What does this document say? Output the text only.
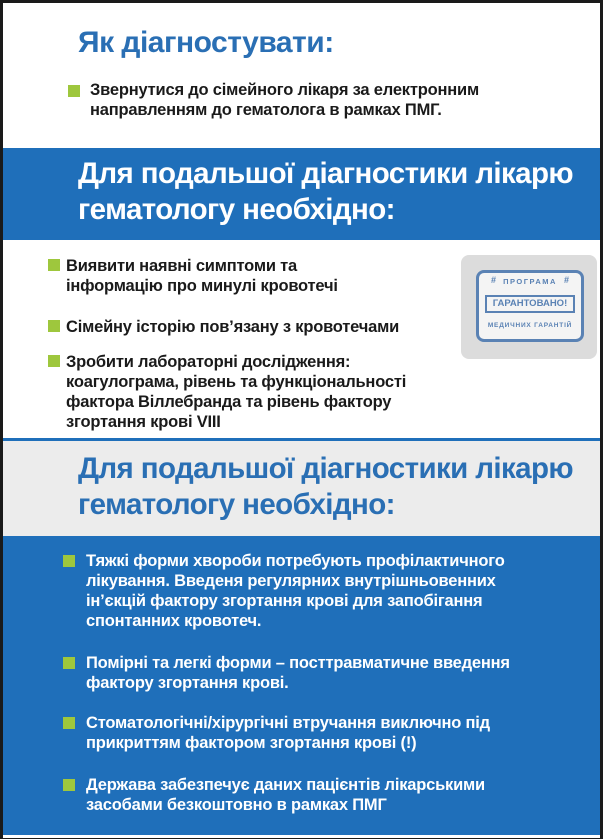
Як діагностувати:
Звернутися до сімейного лікаря за електронним направленням до гематолога в рамках ПМГ.
Для подальшої діагностики лікарю гематологу необхідно:
Виявити наявні симптоми та інформацію про минулі кровотечі
Сімейну історію пов’язану з кровотечами
Зробити лабораторні дослідження: коагулограма, рівень та функціональності фактора Віллебранда та рівень фактору згортання крові VIII
# ПРОГРАМА #
ГАРАНТОВАНО!
МЕДИЧНИХ ГАРАНТІЙ
Для подальшої діагностики лікарю гематологу необхідно:
Тяжкі форми хвороби потребують профілактичного лікування. Введеня регулярних внутрішньовенних ін’єкцій фактору згортання крові для запобігання спонтанних кровотеч.
Помірні та легкі форми – посттравматичне введення фактору згортання крові.
Стоматологічні/хірургічні втручання виключно під прикриттям фактором згортання крові (!)
Держава забезпечує даних пацієнтів лікарськими засобами безкоштовно в рамках ПМГ
